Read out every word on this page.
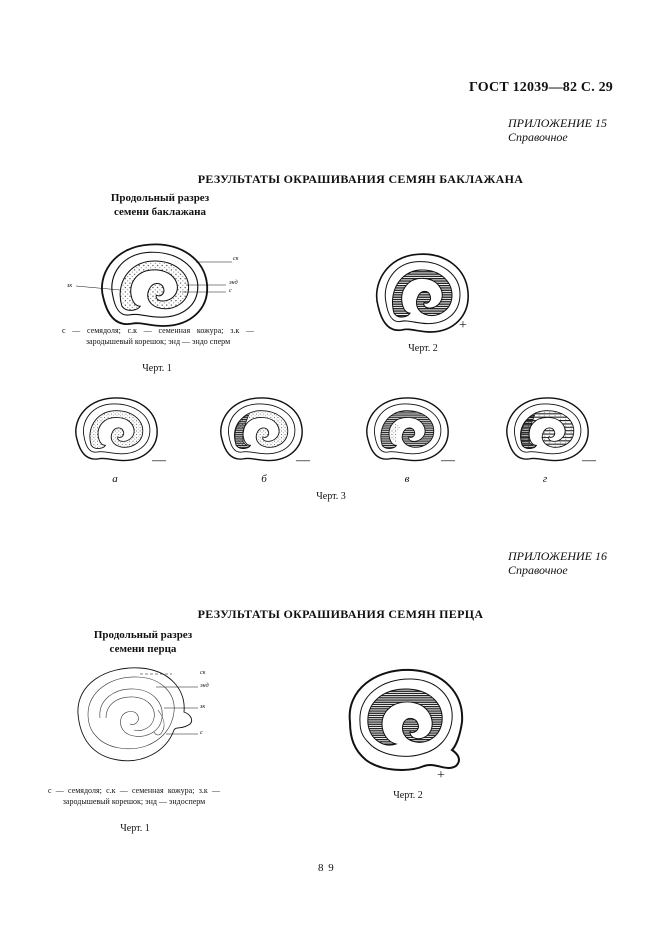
ГОСТ 12039—82 С. 29
ПРИЛОЖЕНИЕ 15
Справочное
РЕЗУЛЬТАТЫ ОКРАШИВАНИЯ СЕМЯН БАКЛАЖАНА
Продольный разрез
семени баклажана
ск
энд
с
зк
с — семядоля; с.к — семенная кожура; з.к — зародышевый корешок; энд — эндо сперм
Черт. 1
+
Черт. 2
—	—	—	—
а	б	в	г
Черт. 3
ПРИЛОЖЕНИЕ 16
Справочное
РЕЗУЛЬТАТЫ ОКРАШИВАНИЯ СЕМЯН ПЕРЦА
Продольный разрез
семени перца
ск
энд
зк
с
с — семядоля; с.к — семенная кожура; з.к — зародышевый корешок; энд — эндосперм
Черт. 1
+
Черт. 2
8 9
